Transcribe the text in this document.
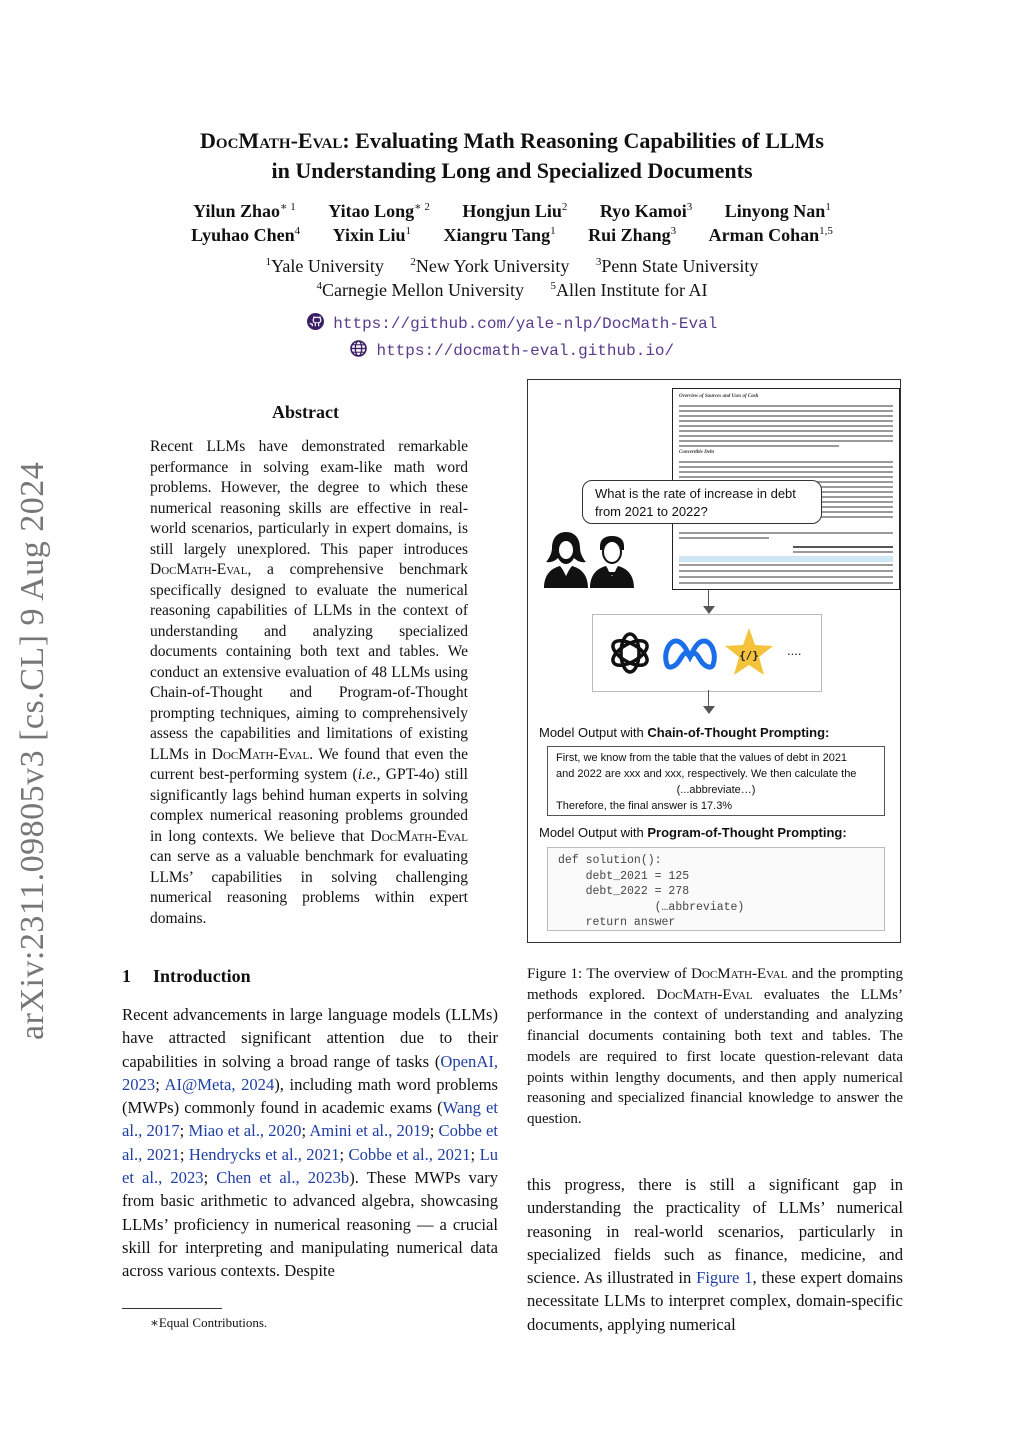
arXiv:2311.09805v3 [cs.CL] 9 Aug 2024
DocMath-Eval: Evaluating Math Reasoning Capabilities of LLMs
in Understanding Long and Specialized Documents
Yilun Zhao$^{∗ 1}$ Yitao Long$^{∗ 2}$ Hongjun Liu$^2$ Ryo Kamoi$^3$ Linyong Nan$^1$
Lyuhao Chen$^4$ Yixin Liu$^1$ Xiangru Tang$^1$ Rui Zhang$^3$ Arman Cohan$^{1,5}$
$^1$Yale University $^2$New York University $^3$Penn State University
$^4$Carnegie Mellon University $^5$Allen Institute for AI
https://github.com/yale-nlp/DocMath-Eval
https://docmath-eval.github.io/
Abstract
Recent LLMs have demonstrated remarkable performance in solving exam-like math word problems. However, the degree to which these numerical reasoning skills are effective in real-world scenarios, particularly in expert domains, is still largely unexplored. This paper introduces DocMath-Eval, a comprehensive benchmark specifically designed to evaluate the numerical reasoning capabilities of LLMs in the context of understanding and analyzing specialized documents containing both text and tables. We conduct an extensive evaluation of 48 LLMs using Chain-of-Thought and Program-of-Thought prompting techniques, aiming to comprehensively assess the capabilities and limitations of existing LLMs in DocMath-Eval. We found that even the current best-performing system (i.e., GPT-4o) still significantly lags behind human experts in solving complex numerical reasoning problems grounded in long contexts. We believe that DocMath-Eval can serve as a valuable benchmark for evaluating LLMs’ capabilities in solving challenging numerical reasoning problems within expert domains.
1 Introduction
Recent advancements in large language models (LLMs) have attracted significant attention due to their capabilities in solving a broad range of tasks (OpenAI, 2023; AI@Meta, 2024), including math word problems (MWPs) commonly found in academic exams (Wang et al., 2017; Miao et al., 2020; Amini et al., 2019; Cobbe et al., 2021; Hendrycks et al., 2021; Cobbe et al., 2021; Lu et al., 2023; Chen et al., 2023b). These MWPs vary from basic arithmetic to advanced algebra, showcasing LLMs’ proficiency in numerical reasoning — a crucial skill for interpreting and manipulating numerical data across various contexts. Despite
∗Equal Contributions.
Overview of Sources and Uses of Cash
Convertible Debt
What is the rate of increase in debt from 2021 to 2022?
{/} ....
Model Output with Chain-of-Thought Prompting:
First, we know from the table that the values of debt in 2021
and 2022 are xxx and xxx, respectively. We then calculate the
(...abbreviate…)
Therefore, the final answer is 17.3%
Model Output with Program-of-Thought Prompting:
def solution():
debt_2021 = 125
debt_2022 = 278
(…abbreviate)
return answer
Figure 1: The overview of DocMath-Eval and the prompting methods explored. DocMath-Eval evaluates the LLMs’ performance in the context of understanding and analyzing financial documents containing both text and tables. The models are required to first locate question-relevant data points within lengthy documents, and then apply numerical reasoning and specialized financial knowledge to answer the question.
this progress, there is still a significant gap in understanding the practicality of LLMs’ numerical reasoning in real-world scenarios, particularly in specialized fields such as finance, medicine, and science. As illustrated in Figure 1, these expert domains necessitate LLMs to interpret complex, domain-specific documents, applying numerical
